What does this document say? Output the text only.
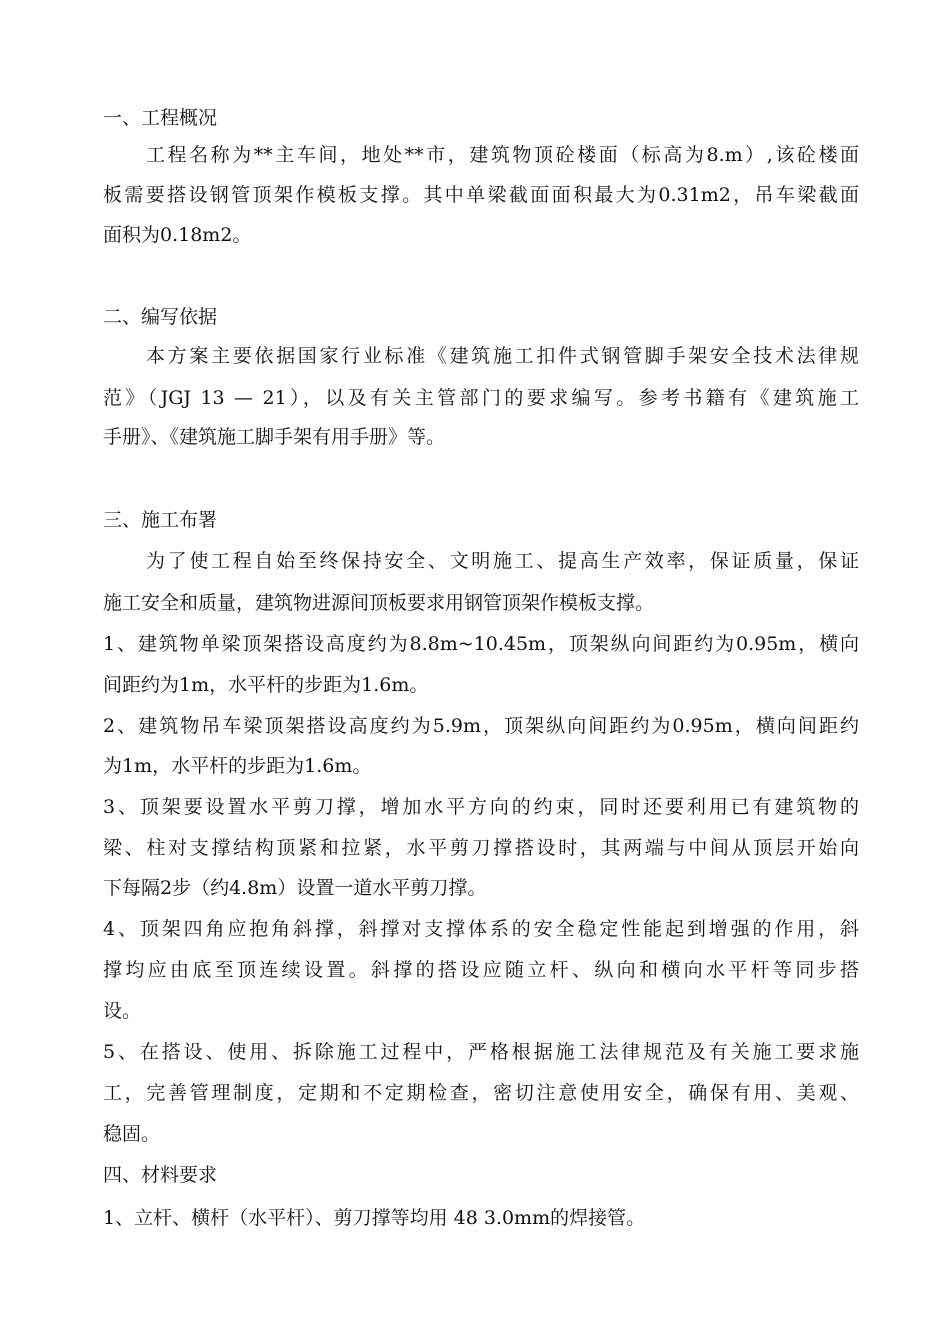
一、工程概况
工程名称为**主车间，地处**市，建筑物顶砼楼面（标高为8.m）,该砼楼面
板需要搭设钢管顶架作模板支撑。其中单梁截面面积最大为0.31m2，吊车梁截面
面积为0.18m2。
二、编写依据
本方案主要依据国家行业标准《建筑施工扣件式钢管脚手架安全技术法律规
范》（JGJ 13 — 21），以及有关主管部门的要求编写。参考书籍有《建筑施工
手册》、《建筑施工脚手架有用手册》等。
三、施工布署
为了使工程自始至终保持安全、文明施工、提高生产效率，保证质量，保证
施工安全和质量，建筑物进源间顶板要求用钢管顶架作模板支撑。
1、建筑物单梁顶架搭设高度约为8.8m~10.45m，顶架纵向间距约为0.95m，横向
间距约为1m，水平杆的步距为1.6m。
2、建筑物吊车梁顶架搭设高度约为5.9m，顶架纵向间距约为0.95m，横向间距约
为1m，水平杆的步距为1.6m。
3、顶架要设置水平剪刀撑，增加水平方向的约束，同时还要利用已有建筑物的
梁、柱对支撑结构顶紧和拉紧，水平剪刀撑搭设时，其两端与中间从顶层开始向
下每隔2步（约4.8m）设置一道水平剪刀撑。
4、顶架四角应抱角斜撑，斜撑对支撑体系的安全稳定性能起到增强的作用，斜
撑均应由底至顶连续设置。斜撑的搭设应随立杆、纵向和横向水平杆等同步搭
设。
5、在搭设、使用、拆除施工过程中，严格根据施工法律规范及有关施工要求施
工，完善管理制度，定期和不定期检查，密切注意使用安全，确保有用、美观、
稳固。
四、材料要求
1、立杆、横杆（水平杆）、剪刀撑等均用 48 3.0mm的焊接管。
